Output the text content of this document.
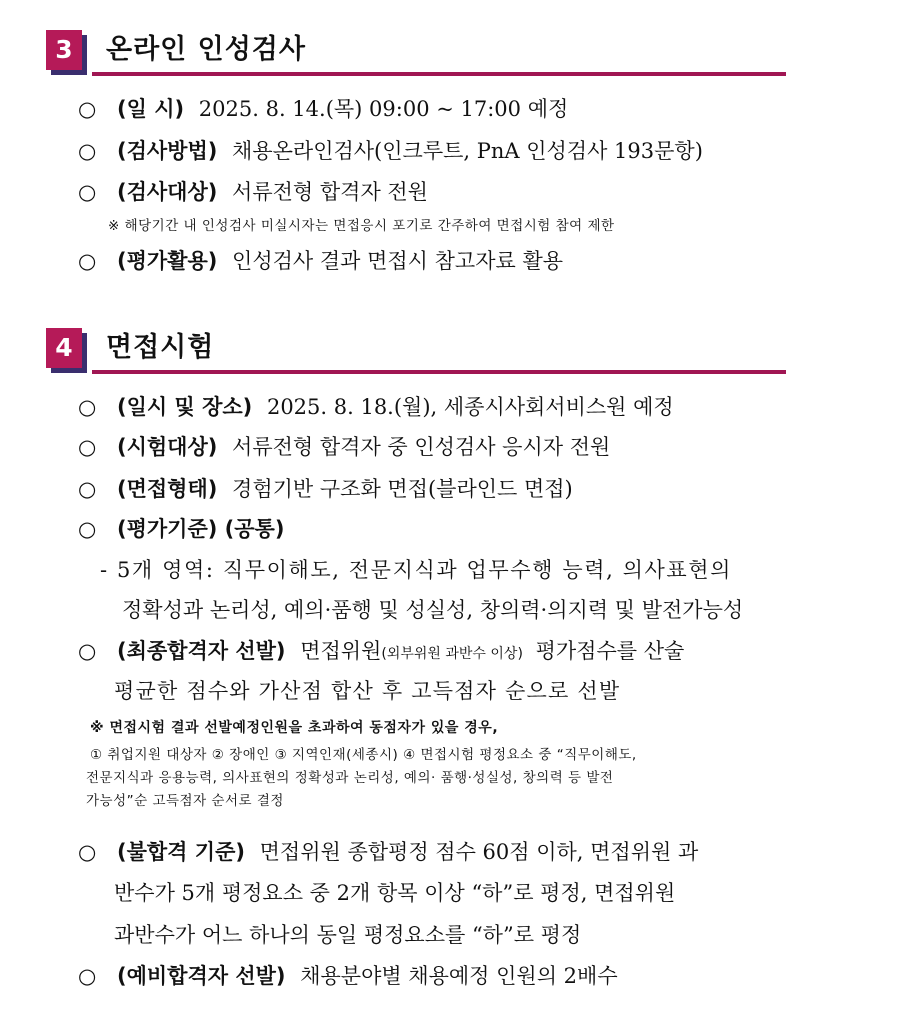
3	온라인 인성검사
○ (일 시) 2025. 8. 14.(목) 09:00 ~ 17:00 예정
○ (검사방법) 채용온라인검사(인크루트, PnA 인성검사 193문항)
○ (검사대상) 서류전형 합격자 전원
※ 해당기간 내 인성검사 미실시자는 면접응시 포기로 간주하여 면접시험 참여 제한
○ (평가활용) 인성검사 결과 면접시 참고자료 활용
4	면접시험
○ (일시 및 장소) 2025. 8. 18.(월), 세종시사회서비스원 예정
○ (시험대상) 서류전형 합격자 중 인성검사 응시자 전원
○ (면접형태) 경험기반 구조화 면접(블라인드 면접)
○ (평가기준) (공통)
- 5개 영역: 직무이해도, 전문지식과 업무수행 능력, 의사표현의
정확성과 논리성, 예의·품행 및 성실성, 창의력·의지력 및 발전가능성
○ (최종합격자 선발) 면접위원(외부위원 과반수 이상) 평가점수를 산술
평균한 점수와 가산점 합산 후 고득점자 순으로 선발
※ 면접시험 결과 선발예정인원을 초과하여 동점자가 있을 경우,
① 취업지원 대상자 ② 장애인 ③ 지역인재(세종시) ④ 면접시험 평정요소 중 “직무이해도,
전문지식과 응용능력, 의사표현의 정확성과 논리성, 예의· 품행·성실성, 창의력 등 발전
가능성”순 고득점자 순서로 결정
○ (불합격 기준) 면접위원 종합평정 점수 60점 이하, 면접위원 과
반수가 5개 평정요소 중 2개 항목 이상 “하”로 평정, 면접위원
과반수가 어느 하나의 동일 평정요소를 “하”로 평정
○ (예비합격자 선발) 채용분야별 채용예정 인원의 2배수
